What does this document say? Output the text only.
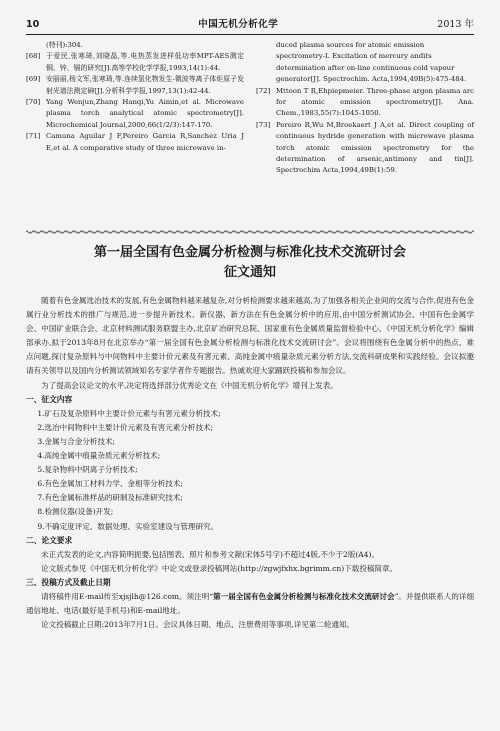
10	中国无机分析化学	2013 年
(特刊):304.
[68] 于爱民,张寒琦,刘晓晶,等.电热蒸发进样低功率MPT-AES测定铜、锌、镉的研究[J].高等学校化学学报,1993,14(1):44.
[69] 安丽丽,杨文军,张寒琦,等.连续氢化物发生-微波等离子体炬原子发射光谱法测定砷[J].分析科学学报,1997,13(1):42-44.
[70] Yang Wenjun,Zhang Hanqi,Yu Aimin,et al. Microwave plasma torch analytical atomic spectrometry[J]. Microchemical Journal,2000,66(1/2/3):147-170.
[71] Camuna Aguilar J F,Pereiro Garcia R,Sanchez Uria J E,et al. A comparative study of three microwave in-
duced plasma sources for atomic emission spectrometry-I. Excitation of mercury andits determination after on-line continuous cold vapour generator[J]. Spectrochim. Acta,1994,49B(5):475-484.
[72] Mttoon T R,Ehpiepmeier. Three-phase argon plasma arc for atomic emission spectrometry[J]. Ana. Chem.,1983,55(7):1045-1050.
[73] Pereiro R,Wu M,Broekaert J A,et al. Direct coupling of continuous hydride generation with microwave plasma torch atomic emission spectrometry for the determination of arsenic,antimony and tin[J]. Spectrochim Acta,1994,49B(1):59.
第一届全国有色金属分析检测与标准化技术交流研讨会
征文通知

随着有色金属选冶技术的发展,有色金属物料越来越复杂,对分析检测要求越来越高,为了加强各相关企业间的交流与合作,促进有色金属行业分析技术的推广与规范,进一步提升新技术、新仪器、新方法在有色金属分析中的应用,由中国分析测试协会、中国有色金属学会、中国矿业联合会、北京材料测试服务联盟主办,北京矿冶研究总院、国家重有色金属质量监督检验中心、《中国无机分析化学》编辑部承办,拟于2013年8月在北京举办“第一届全国有色金属分析检测与标准化技术交流研讨会”。会议将围绕有色金属分析中的热点、难点问题,探讨复杂原料与中间物料中主要计价元素及有害元素、高纯金属中痕量杂质元素分析方法,交流科研成果和实践经验。会议拟邀请有关领导以及国内分析测试领域知名专家学者作专题报告。热诚欢迎大家踊跃投稿和参加会议。

为了提高会议论文的水平,决定将选择部分优秀论文在《中国无机分析化学》增刊上发表。

一、征文内容
1.矿石及复杂原料中主要计价元素与有害元素分析技术;
2.选冶中间物料中主要计价元素及有害元素分析技术;
3.金属与合金分析技术;
4.高纯金属中痕量杂质元素分析技术;
5.复杂物料中阴离子分析技术;
6.有色金属加工材料力学、金相等分析技术;
7.有色金属标准样品的研制及标准研究技术;
8.检测仪器(设备)开发;
9.不确定度评定、数据处理、实验室建设与管理研究。
二、论文要求

未正式发表的论文,内容简明扼要,包括图表、照片和参考文献(宋体5号字)不超过4版,不少于2版(A4)。

论文版式参见《中国无机分析化学》中论文或登录投稿网站(http://zgwjfxhx.bgrimm.cn)下载投稿简章。

三、投稿方式及截止日期

请将稿件用E-mail传至xjsjlh@126.com。须注明“第一届全国有色金属分析检测与标准化技术交流研讨会”。并提供联系人的详细通信地址、电话(最好是手机号)和E-mail地址。

论文投稿截止日期:2013年7月1日。会议具体日期、地点、注册费用等事项,详见第二轮通知。
